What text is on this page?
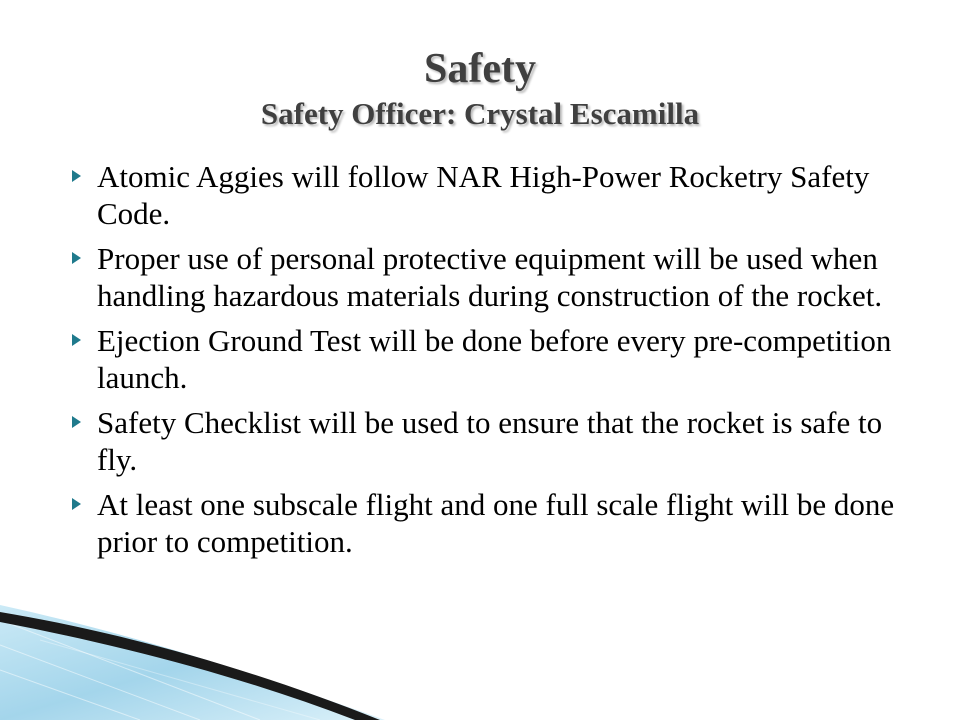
Safety
Safety Officer: Crystal Escamilla
Atomic Aggies will follow NAR High-Power Rocketry Safety Code.
Proper use of personal protective equipment will be used when handling hazardous materials during construction of the rocket.
Ejection Ground Test will be done before every pre-competition launch.
Safety Checklist will be used to ensure that the rocket is safe to fly.
At least one subscale flight and one full scale flight will be done prior to competition.
